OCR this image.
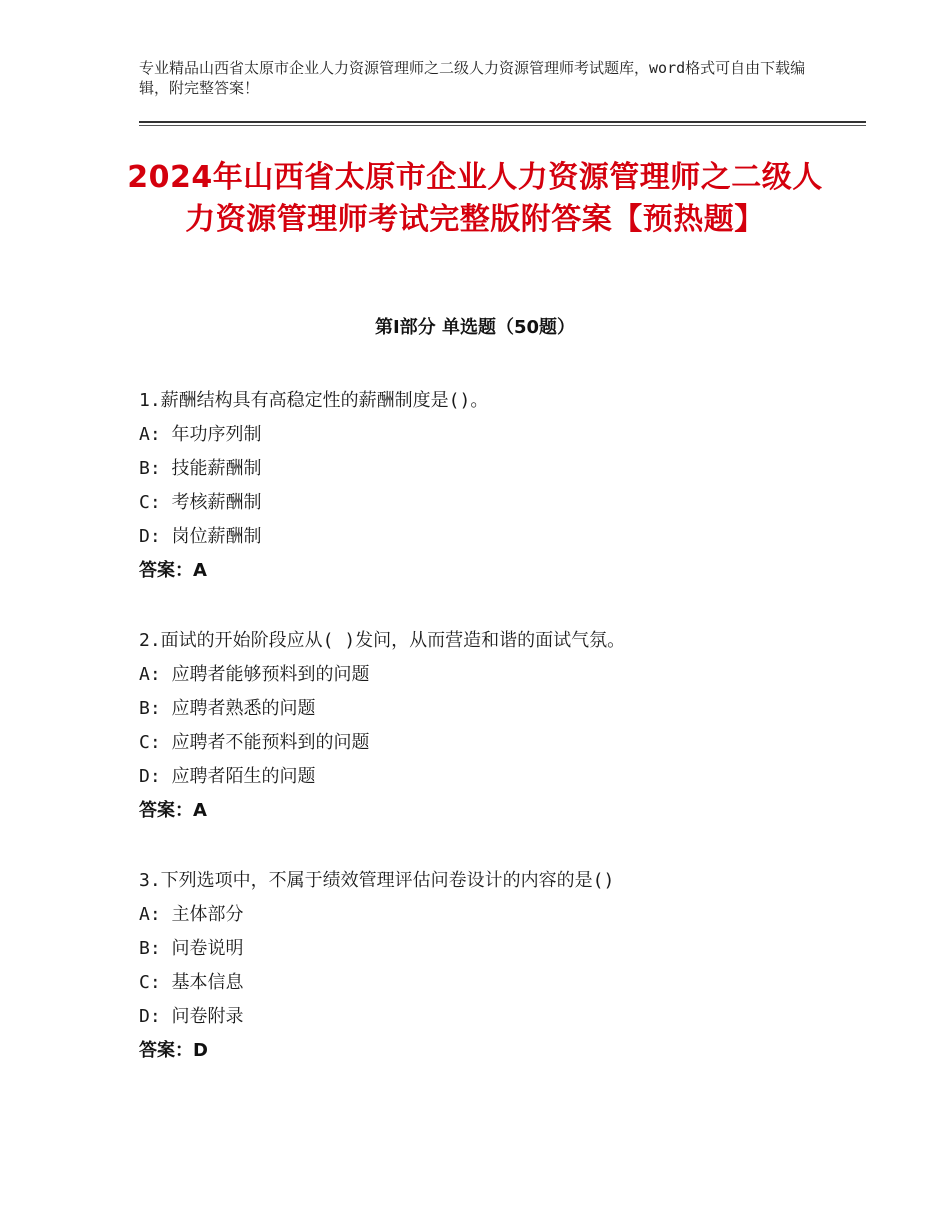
专业精品山西省太原市企业人力资源管理师之二级人力资源管理师考试题库，word格式可自由下载编辑，附完整答案！
2024年山西省太原市企业人力资源管理师之二级人力资源管理师考试完整版附答案【预热题】
第Ⅰ部分 单选题（50题）
1.薪酬结构具有高稳定性的薪酬制度是()。
A: 年功序列制
B: 技能薪酬制
C: 考核薪酬制
D: 岗位薪酬制
答案：A
2.面试的开始阶段应从( )发问，从而营造和谐的面试气氛。
A: 应聘者能够预料到的问题
B: 应聘者熟悉的问题
C: 应聘者不能预料到的问题
D: 应聘者陌生的问题
答案：A
3.下列选项中，不属于绩效管理评估问卷设计的内容的是()
A: 主体部分
B: 问卷说明
C: 基本信息
D: 问卷附录
答案：D
